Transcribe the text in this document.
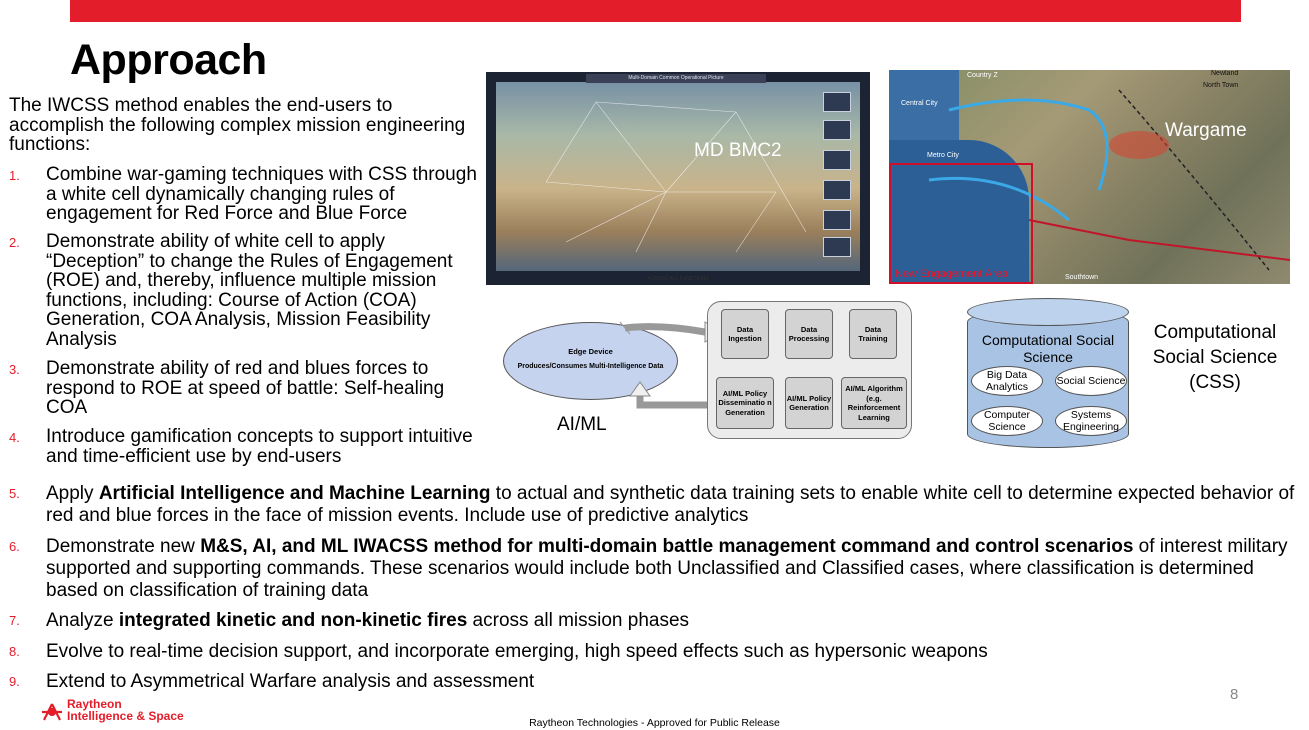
Approach
The IWCSS method enables the end-users to accomplish the following complex mission engineering functions:
1. Combine war-gaming techniques with CSS through a white cell dynamically changing rules of engagement for Red Force and Blue Force
2. Demonstrate ability of white cell to apply “Deception” to change the Rules of Engagement (ROE) and, thereby, influence multiple mission functions, including: Course of Action (COA) Generation, COA Analysis, Mission Feasibility Analysis
3. Demonstrate ability of red and blues forces to respond to ROE at speed of battle: Self-healing COA
4. Introduce gamification concepts to support intuitive and time-efficient use by end-users
5. Apply Artificial Intelligence and Machine Learning to actual and synthetic data training sets to enable white cell to determine expected behavior of red and blue forces in the face of mission events. Include use of predictive analytics
6. Demonstrate new M&S, AI, and ML IWACSS method for multi-domain battle management command and control scenarios of interest military supported and supporting commands. These scenarios would include both Unclassified and Classified cases, where classification is determined based on classification of training data
7. Analyze integrated kinetic and non-kinetic fires across all mission phases
8. Evolve to real-time decision support, and incorporate emerging, high speed effects such as hypersonic weapons
9. Extend to Asymmetrical Warfare analysis and assessment
Multi-Domain Common Operational Picture
MD BMC2
ACROSS ALL FUNCTIONS
Country Z	Newland
North Town
Central City
Metro City
Southtown
Wargame
New Engagement Area
Edge Device
Produces/Consumes Multi-Intelligence Data
Data Ingestion
Data Processing
Data Training
AI/ML Algorithm (e.g. Reinforcement Learning
AI/ML Policy Generation
AI/ML Policy Disseminatio n Generation
AI/ML
Computational Social Science
Big Data Analytics	Social Science
Computer Science
Systems Engineering
Computational Social Science (CSS)
Raytheon
Intelligence & Space
8
Raytheon Technologies - Approved for Public Release
